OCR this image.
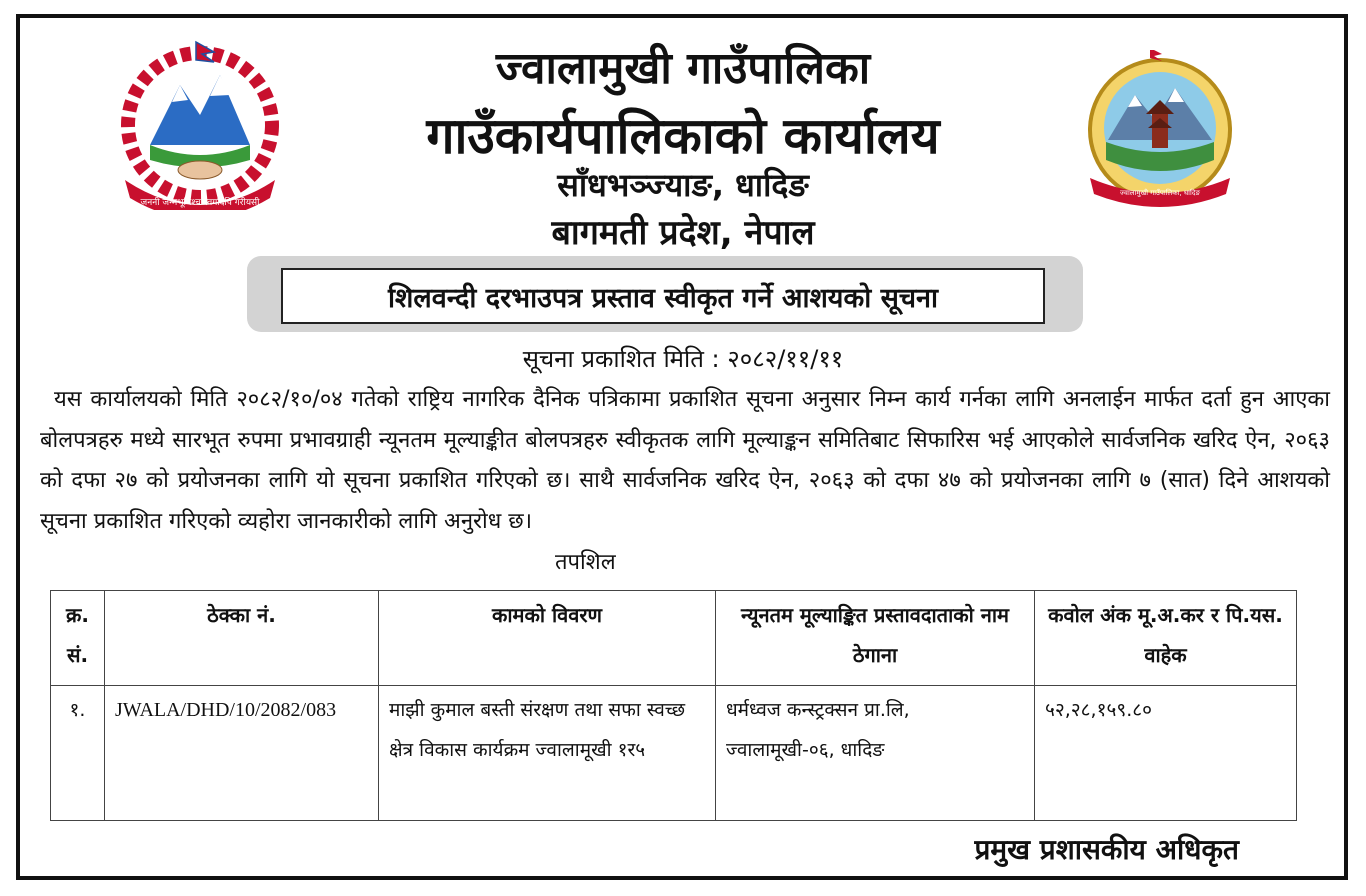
जननी जन्मभूमिश्च स्वर्गादपि गरीयसी
ज्वालामुखी गाउँपालिका, धादिङ
ज्वालामुखी गाउँपालिका
गाउँकार्यपालिकाको कार्यालय
साँधभञ्ज्याङ, धादिङ
बागमती प्रदेश, नेपाल
शिलवन्दी दरभाउपत्र प्रस्ताव स्वीकृत गर्ने आशयको सूचना
सूचना प्रकाशित मिति : २०८२/११/११
यस कार्यालयको मिति २०८२/१०/०४ गतेको राष्ट्रिय नागरिक दैनिक पत्रिकामा प्रकाशित सूचना अनुसार निम्न कार्य गर्नका लागि अनलाईन मार्फत दर्ता हुन आएका बोलपत्रहरु मध्ये सारभूत रुपमा प्रभावग्राही न्यूनतम मूल्याङ्कीत बोलपत्रहरु स्वीकृतक लागि मूल्याङ्कन समितिबाट सिफारिस भई आएकोले सार्वजनिक खरिद ऐन, २०६३ को दफा २७ को प्रयोजनका लागि यो सूचना प्रकाशित गरिएको छ। साथै सार्वजनिक खरिद ऐन, २०६३ को दफा ४७ को प्रयोजनका लागि ७ (सात) दिने आशयको सूचना प्रकाशित गरिएको व्यहोरा जानकारीको लागि अनुरोध छ।
तपशिल
क्र. सं.	ठेक्का नं.	कामको विवरण	न्यूनतम मूल्याङ्कित प्रस्तावदाताको नाम ठेगाना	कवोल अंक मू.अ.कर र पि.यस. वाहेक
१.	JWALA/DHD/10/2082/083	माझी कुमाल बस्ती संरक्षण तथा सफा स्वच्छ क्षेत्र विकास कार्यक्रम ज्वालामूखी १र५	धर्मध्वज कन्स्ट्रक्सन प्रा.लि, ज्वालामूखी-०६, धादिङ	५२,२८,१५९.८०
प्रमुख प्रशासकीय अधिकृत
